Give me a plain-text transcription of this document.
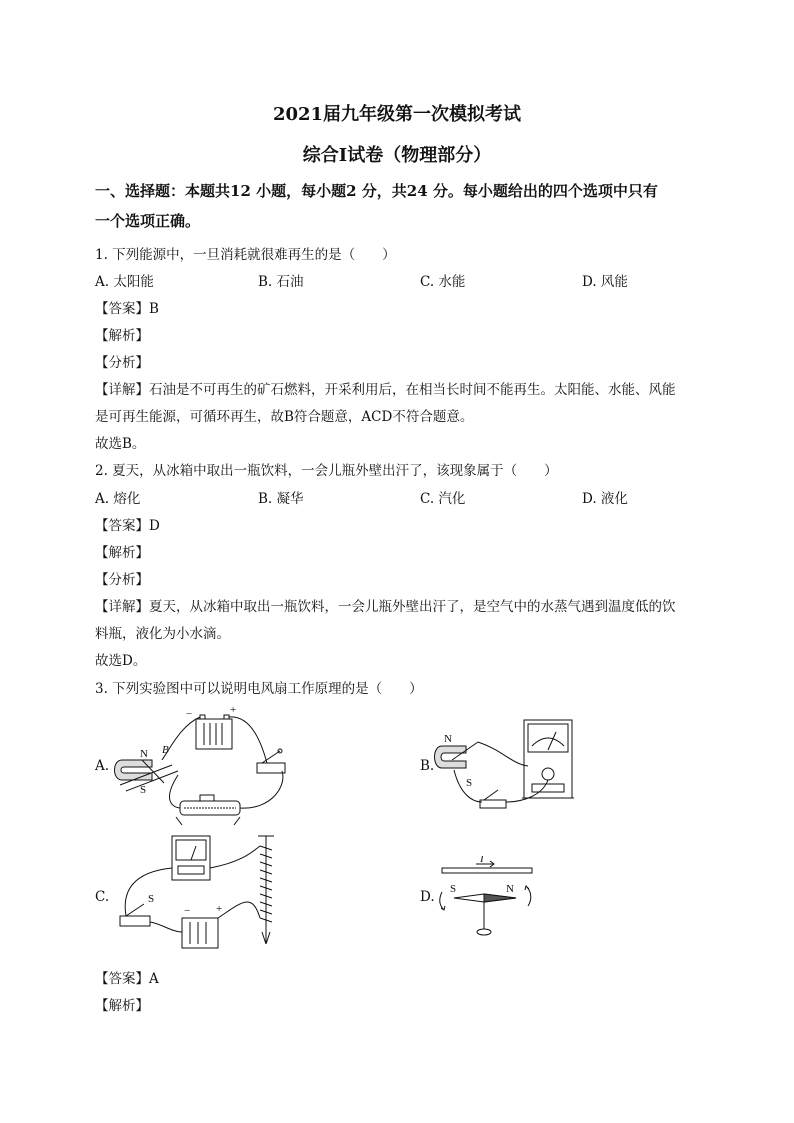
2021届九年级第一次模拟考试
综合I试卷（物理部分）
一、选择题：本题共12 小题，每小题2 分，共24 分。每小题给出的四个选项中只有
一个选项正确。
1. 下列能源中，一旦消耗就很难再生的是（　　）
A. 太阳能	B. 石油	C. 水能	D. 风能
【答案】B
【解析】
【分析】
【详解】石油是不可再生的矿石燃料，开采利用后，在相当长时间不能再生。太阳能、水能、风能
是可再生能源，可循环再生，故B符合题意，ACD不符合题意。
故选B。
2. 夏天，从冰箱中取出一瓶饮料，一会儿瓶外壁出汗了，该现象属于（　　）
A. 熔化	B. 凝华	C. 汽化	D. 液化
【答案】D
【解析】
【分析】
【详解】夏天，从冰箱中取出一瓶饮料，一会儿瓶外壁出汗了，是空气中的水蒸气遇到温度低的饮
料瓶，液化为小水滴。
故选D。
3. 下列实验图中可以说明电风扇工作原理的是（　　）
A.	B.
C.	D.
N
S
B
−	+
N
S
S
− +
I
S	N
【答案】A
【解析】
